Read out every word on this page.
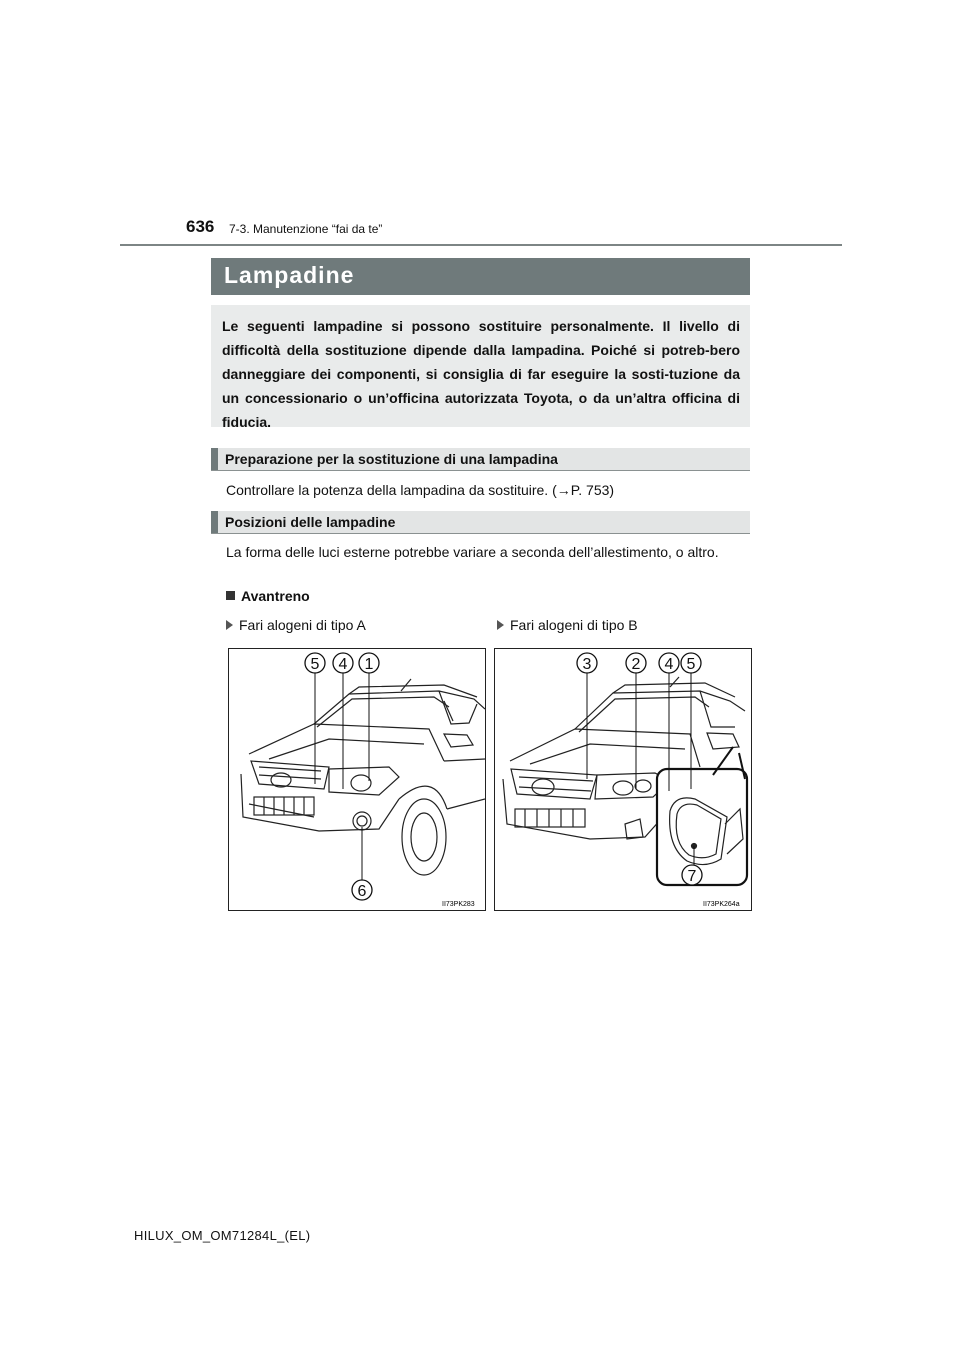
636 7-3. Manutenzione “fai da te”
Lampadine
Le seguenti lampadine si possono sostituire personalmente. Il livello di difficoltà della sostituzione dipende dalla lampadina. Poiché si potreb-bero danneggiare dei componenti, si consiglia di far eseguire la sosti-tuzione da un concessionario o un’officina autorizzata Toyota, o da un’altra officina di fiducia.
Preparazione per la sostituzione di una lampadina
Controllare la potenza della lampadina da sostituire. (→P. 753)
Posizioni delle lampadine
La forma delle luci esterne potrebbe variare a seconda dell’allestimento, o altro.
Avantreno
Fari alogeni di tipo A	Fari alogeni di tipo B
5 4 1
6
II73PK283
3	2 4 5
7
II73PK264a
HILUX_OM_OM71284L_(EL)
